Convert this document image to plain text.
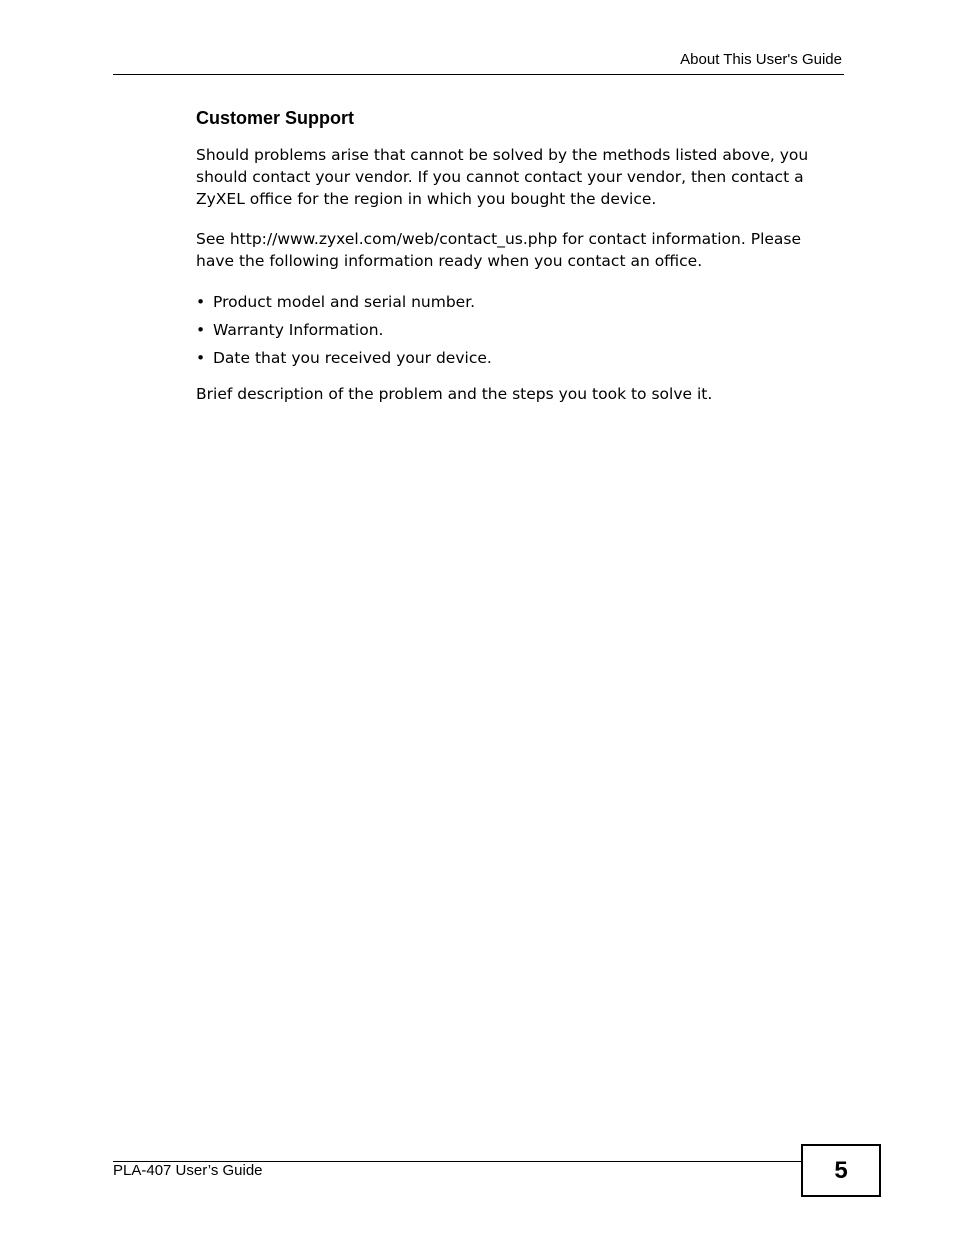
About This User's Guide
Customer Support

Should problems arise that cannot be solved by the methods listed above, you should contact your vendor. If you cannot contact your vendor, then contact a ZyXEL office for the region in which you bought the device.

See http://www.zyxel.com/web/contact_us.php for contact information. Please have the following information ready when you contact an office.

• Product model and serial number.
• Warranty Information.
• Date that you received your device.

Brief description of the problem and the steps you took to solve it.

PLA-407 User’s Guide	5
